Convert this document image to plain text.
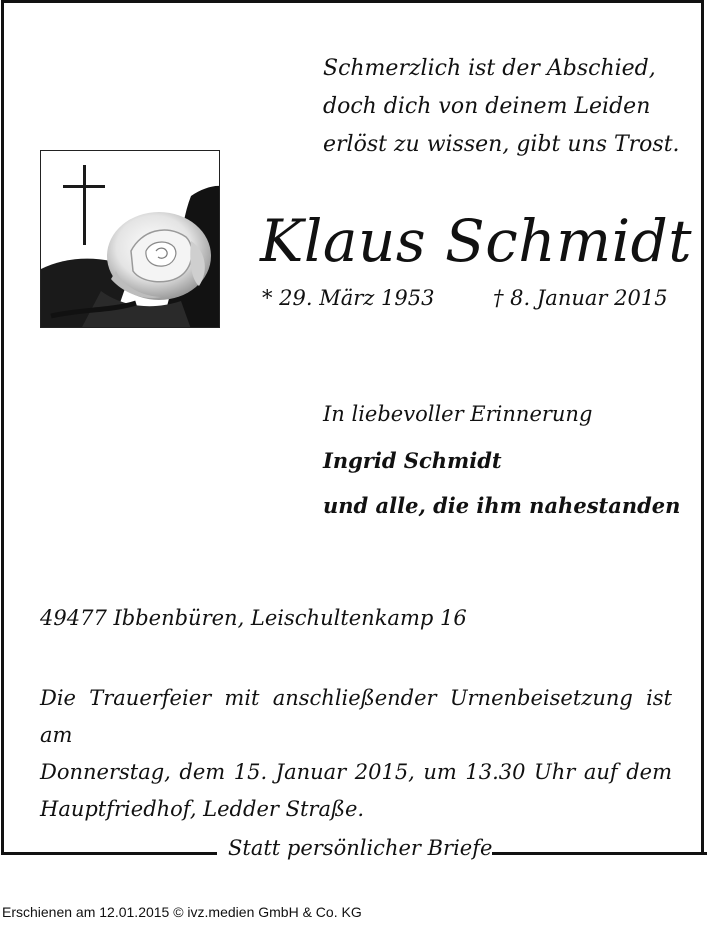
Schmerzlich ist der Abschied,
doch dich von deinem Leiden
erlöst zu wissen, gibt uns Trost.
Klaus Schmidt
* 29. März 1953	† 8. Januar 2015
In liebevoller Erinnerung
Ingrid Schmidt
und alle, die ihm nahestanden
49477 Ibbenbüren, Leischultenkamp 16
Die Trauerfeier mit anschließender Urnenbeisetzung ist am
Donnerstag, dem 15. Januar 2015, um 13.30 Uhr auf dem
Hauptfriedhof, Ledder Straße.
Statt persönlicher Briefe
Erschienen am 12.01.2015 © ivz.medien GmbH & Co. KG
